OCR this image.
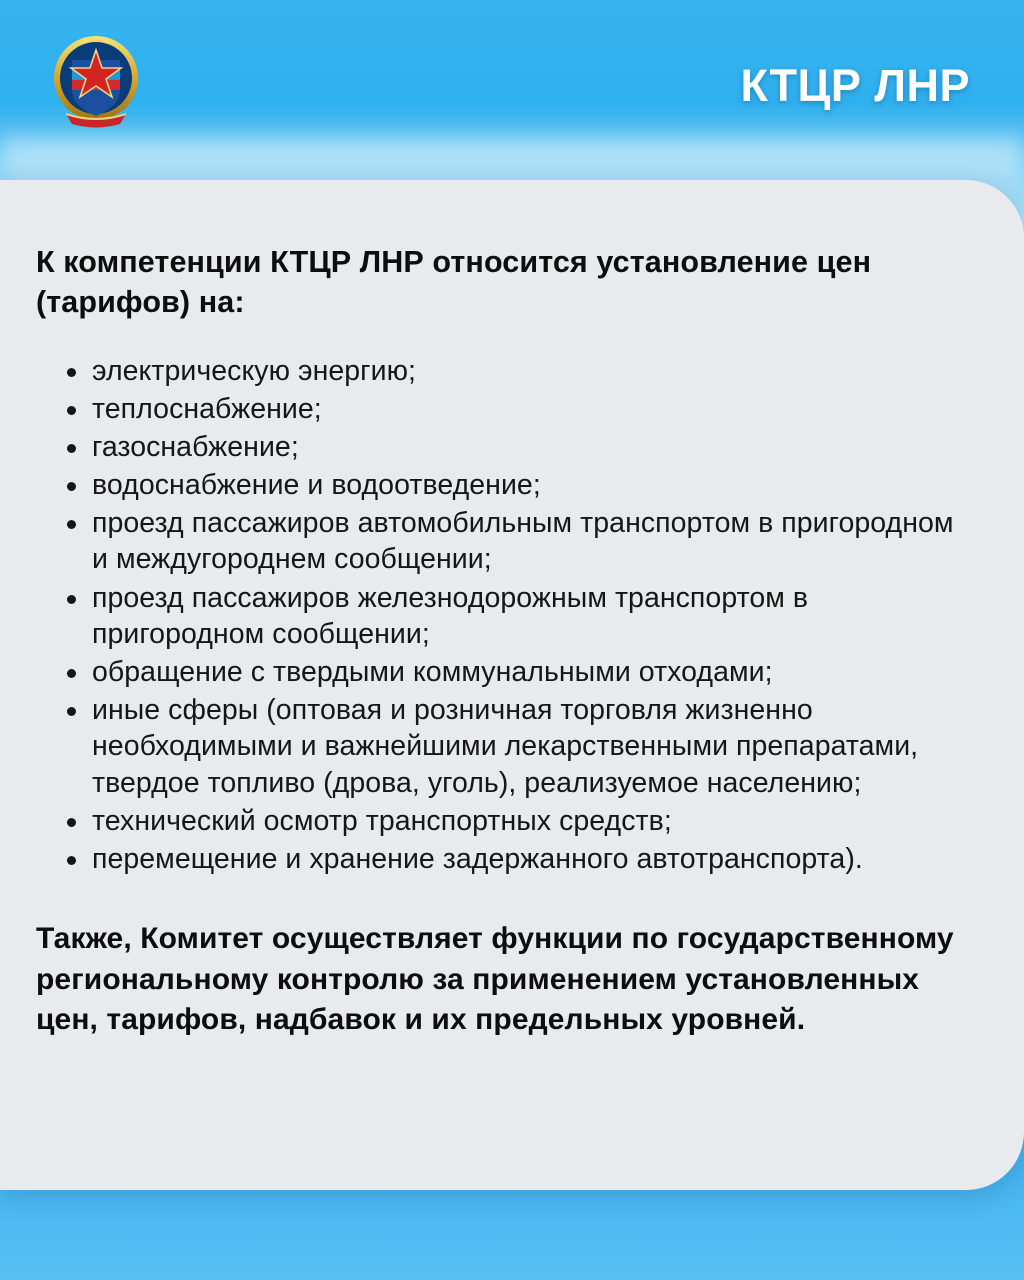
КТЦР ЛНР

К компетенции КТЦР ЛНР относится установление цен (тарифов) на:

электрическую энергию;
теплоснабжение;
газоснабжение;
водоснабжение и водоотведение;
проезд пассажиров автомобильным транспортом в пригородном и междугороднем сообщении;
проезд пассажиров железнодорожным транспортом в пригородном сообщении;
обращение с твердыми коммунальными отходами;
иные сферы (оптовая и розничная торговля жизненно необходимыми и важнейшими лекарственными препаратами, твердое топливо (дрова, уголь), реализуемое населению;
технический осмотр транспортных средств;
перемещение и хранение задержанного автотранспорта).

Также, Комитет осуществляет функции по государственному региональному контролю за применением установленных цен, тарифов, надбавок и их предельных уровней.
